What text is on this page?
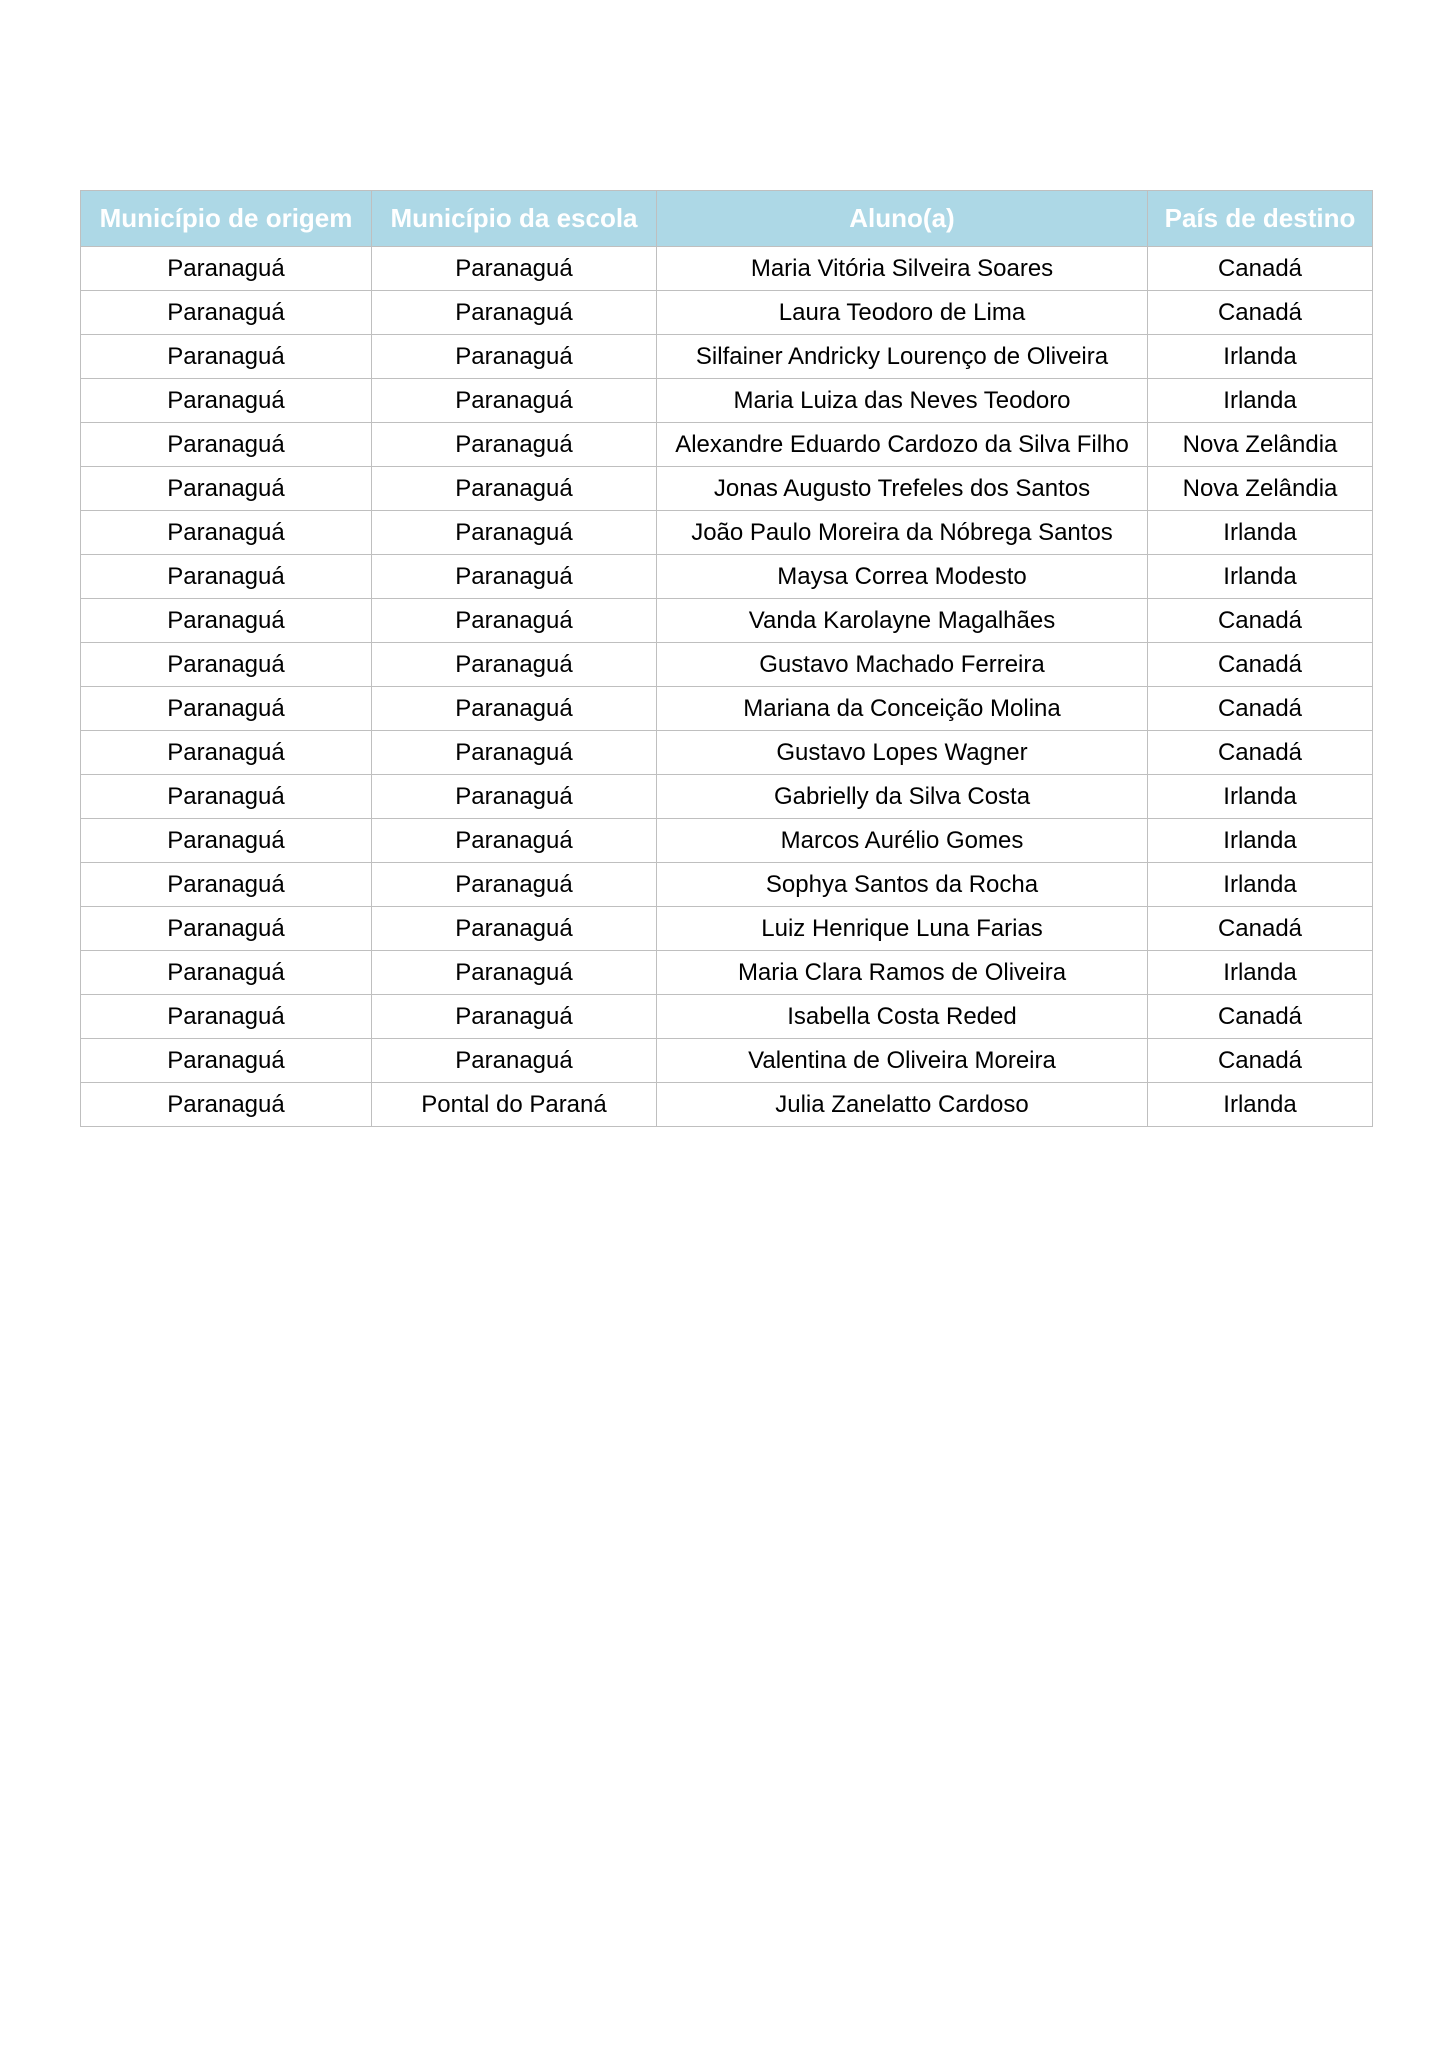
Município de origem	Município da escola	Aluno(a)	País de destino
Paranaguá	Paranaguá	Maria Vitória Silveira Soares	Canadá
Paranaguá	Paranaguá	Laura Teodoro de Lima	Canadá
Paranaguá	Paranaguá	Silfainer Andricky Lourenço de Oliveira	Irlanda
Paranaguá	Paranaguá	Maria Luiza das Neves Teodoro	Irlanda
Paranaguá	Paranaguá	Alexandre Eduardo Cardozo da Silva Filho	Nova Zelândia
Paranaguá	Paranaguá	Jonas Augusto Trefeles dos Santos	Nova Zelândia
Paranaguá	Paranaguá	João Paulo Moreira da Nóbrega Santos	Irlanda
Paranaguá	Paranaguá	Maysa Correa Modesto	Irlanda
Paranaguá	Paranaguá	Vanda Karolayne Magalhães	Canadá
Paranaguá	Paranaguá	Gustavo Machado Ferreira	Canadá
Paranaguá	Paranaguá	Mariana da Conceição Molina	Canadá
Paranaguá	Paranaguá	Gustavo Lopes Wagner	Canadá
Paranaguá	Paranaguá	Gabrielly da Silva Costa	Irlanda
Paranaguá	Paranaguá	Marcos Aurélio Gomes	Irlanda
Paranaguá	Paranaguá	Sophya Santos da Rocha	Irlanda
Paranaguá	Paranaguá	Luiz Henrique Luna Farias	Canadá
Paranaguá	Paranaguá	Maria Clara Ramos de Oliveira	Irlanda
Paranaguá	Paranaguá	Isabella Costa Reded	Canadá
Paranaguá	Paranaguá	Valentina de Oliveira Moreira	Canadá
Paranaguá	Pontal do Paraná	Julia Zanelatto Cardoso	Irlanda
